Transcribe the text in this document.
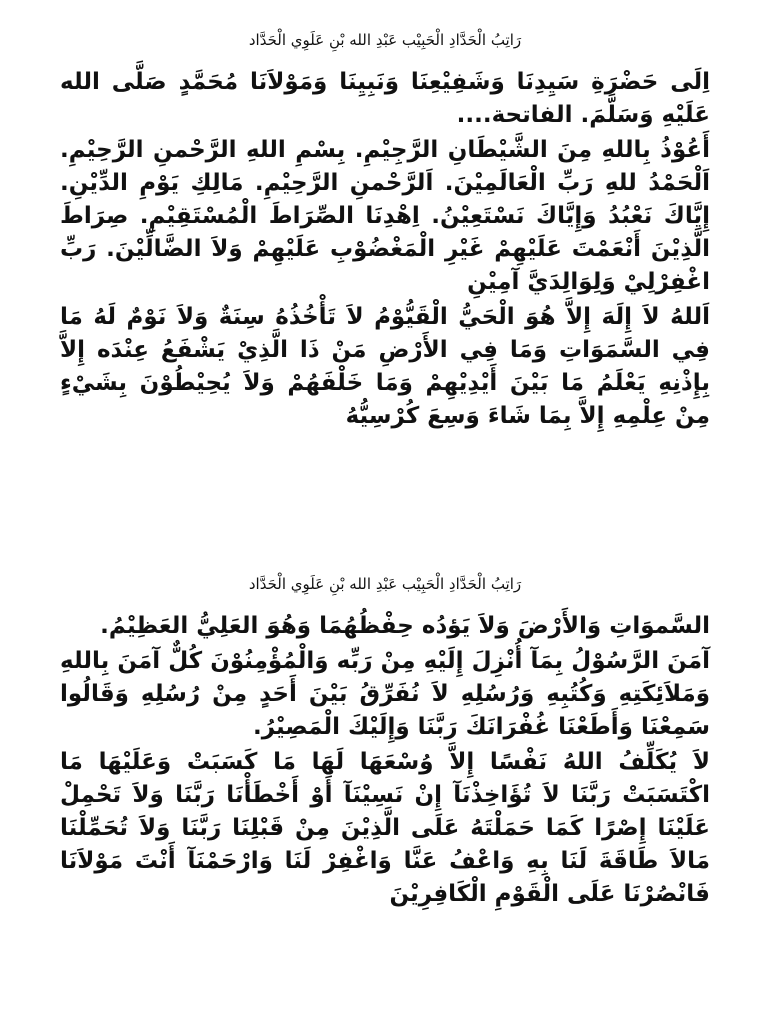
رَاتِبُ الْحَدَّادِ الْحَبِيْب عَبْدِ الله بْنِ عَلَوِي الْحَدَّاد

اِلَى حَضْرَةِ سَيِدِنَا وَشَفِيْعِنَا وَنَبِيِنَا وَمَوْلاَنَا مُحَمَّدٍ صَلَّى الله عَلَيْهِ وَسَلَّمَ. الفاتحة....

أَعُوْذُ بِاللهِ مِنَ الشَّيْطَانِ الرَّجِيْمِ. بِسْمِ اللهِ الرَّحْمنِ الرَّحِيْمِ. اَلْحَمْدُ للهِ رَبِّ الْعَالَمِيْنَ. اَلرَّحْمنِ الرَّحِيْمِ. مَالِكِ يَوْمِ الدِّيْنِ. إِيَّاكَ نَعْبُدُ وَإِيَّاكَ نَسْتَعِيْنُ. اِهْدِنَا الصِّرَاطَ الْمُسْتَقِيْمِ. صِرَاطَ الَّذِيْنَ أَنْعَمْتَ عَلَيْهِمْ غَيْرِ الْمَغْضُوْبِ عَلَيْهِمْ وَلاَ الضَّالِّيْنَ. رَبِّ اغْفِرْلِيْ وَلِوَالِدَيَّ آمِيْنِ

اَللهُ لاَ إِلَهَ إِلاَّ هُوَ الْحَيُّ الْقَيُّوْمُ لاَ تَأْخُذُهُ سِنَةٌ وَلاَ نَوْمٌ لَهُ مَا فِي السَّمَوَاتِ وَمَا فِي الأَرْضِ مَنْ ذَا الَّذِيْ يَشْفَعُ عِنْدَه إِلاَّ بِإِذْنِهِ يَعْلَمُ مَا بَيْنَ أَيْدِيْهِمْ وَمَا خَلْفَهُمْ وَلاَ يُحِيْطُوْنَ بِشَيْءٍ مِنْ عِلْمِهِ إِلاَّ بِمَا شَاءَ وَسِعَ كُرْسِيُّهُ

رَاتِبُ الْحَدَّادِ الْحَبِيْب عَبْدِ الله بْنِ عَلَوِي الْحَدَّاد

السَّموَاتِ وَالأَرْضَ وَلاَ يَؤدُه حِفْظُهُمَا وَهُوَ العَلِيُّ العَظِيْمُ.

آمَنَ الرَّسُوْلُ بِمَآ أُنْزِلَ إِلَيْهِ مِنْ رَبِّه وَالْمُؤْمِنُوْنَ كُلٌّ آمَنَ بِاللهِ وَمَلاَئِكَتِهِ وَكُتُبِهِ وَرُسُلِهِ لاَ نُفَرِّقُ بَيْنَ أَحَدٍ مِنْ رُسُلِهِ وَقَالُوا سَمِعْنَا وَأَطَعْنَا غُفْرَانَكَ رَبَّنَا وَإِلَيْكَ الْمَصِيْرُ.

لاَ يُكَلِّفُ اللهُ نَفْسًا إِلاَّ وُسْعَهَا لَهَا مَا كَسَبَتْ وَعَلَيْهَا مَا اكْتَسَبَتْ رَبَّنَا لاَ تُؤَاخِذْنَآ إِنْ نَسِيْنَآ أَوْ أَخْطَأْنَا رَبَّنَا وَلاَ تَحْمِلْ عَلَيْنَا إِصْرًا كَمَا حَمَلْتَهُ عَلَى الَّذِيْنَ مِنْ قَبْلِنَا رَبَّنَا وَلاَ تُحَمِّلْنَا مَالاَ طَاقَةَ لَنَا بِهِ وَاعْفُ عَنَّا وَاغْفِرْ لَنَا وَارْحَمْنَآ أَنْتَ مَوْلاَنَا فَانْصُرْنَا عَلَى الْقَوْمِ الْكَافِرِيْنَ
